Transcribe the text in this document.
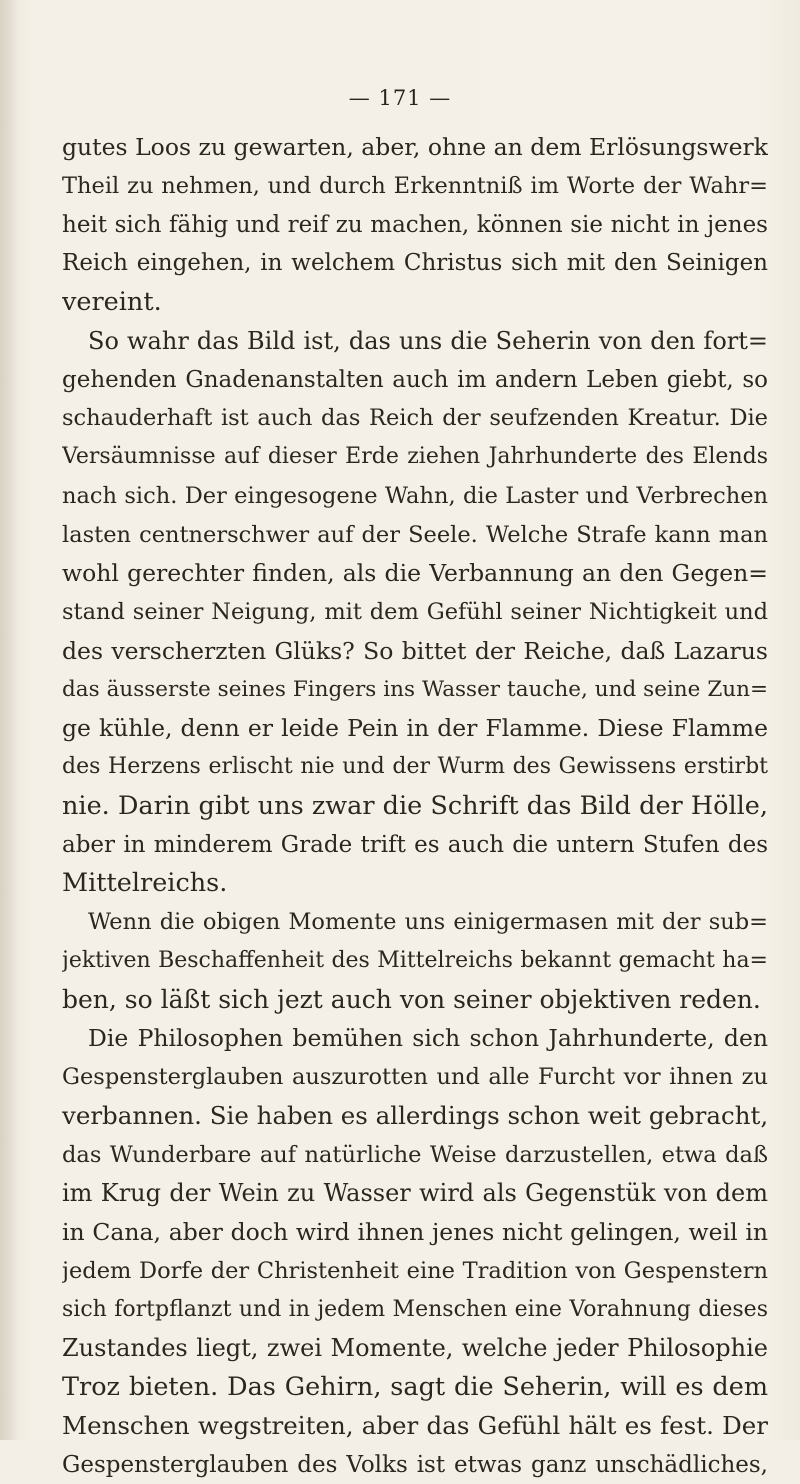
— 171 —
gutes Loos zu gewarten, aber, ohne an dem Erlösungswerk
Theil zu nehmen, und durch Erkenntniß im Worte der Wahr=
heit sich fähig und reif zu machen, können sie nicht in jenes
Reich eingehen, in welchem Christus sich mit den Seinigen
vereint.
So wahr das Bild ist, das uns die Seherin von den fort=
gehenden Gnadenanstalten auch im andern Leben giebt, so
schauderhaft ist auch das Reich der seufzenden Kreatur. Die
Versäumnisse auf dieser Erde ziehen Jahrhunderte des Elends
nach sich. Der eingesogene Wahn, die Laster und Verbrechen
lasten centnerschwer auf der Seele. Welche Strafe kann man
wohl gerechter finden, als die Verbannung an den Gegen=
stand seiner Neigung, mit dem Gefühl seiner Nichtigkeit und
des verscherzten Glüks? So bittet der Reiche, daß Lazarus
das äusserste seines Fingers ins Wasser tauche, und seine Zun=
ge kühle, denn er leide Pein in der Flamme. Diese Flamme
des Herzens erlischt nie und der Wurm des Gewissens erstirbt
nie. Darin gibt uns zwar die Schrift das Bild der Hölle,
aber in minderem Grade trift es auch die untern Stufen des
Mittelreichs.
Wenn die obigen Momente uns einigermasen mit der sub=
jektiven Beschaffenheit des Mittelreichs bekannt gemacht ha=
ben, so läßt sich jezt auch von seiner objektiven reden.
Die Philosophen bemühen sich schon Jahrhunderte, den
Gespensterglauben auszurotten und alle Furcht vor ihnen zu
verbannen. Sie haben es allerdings schon weit gebracht,
das Wunderbare auf natürliche Weise darzustellen, etwa daß
im Krug der Wein zu Wasser wird als Gegenstük von dem
in Cana, aber doch wird ihnen jenes nicht gelingen, weil in
jedem Dorfe der Christenheit eine Tradition von Gespenstern
sich fortpflanzt und in jedem Menschen eine Vorahnung dieses
Zustandes liegt, zwei Momente, welche jeder Philosophie
Troz bieten. Das Gehirn, sagt die Seherin, will es dem
Menschen wegstreiten, aber das Gefühl hält es fest. Der
Gespensterglauben des Volks ist etwas ganz unschädliches,
